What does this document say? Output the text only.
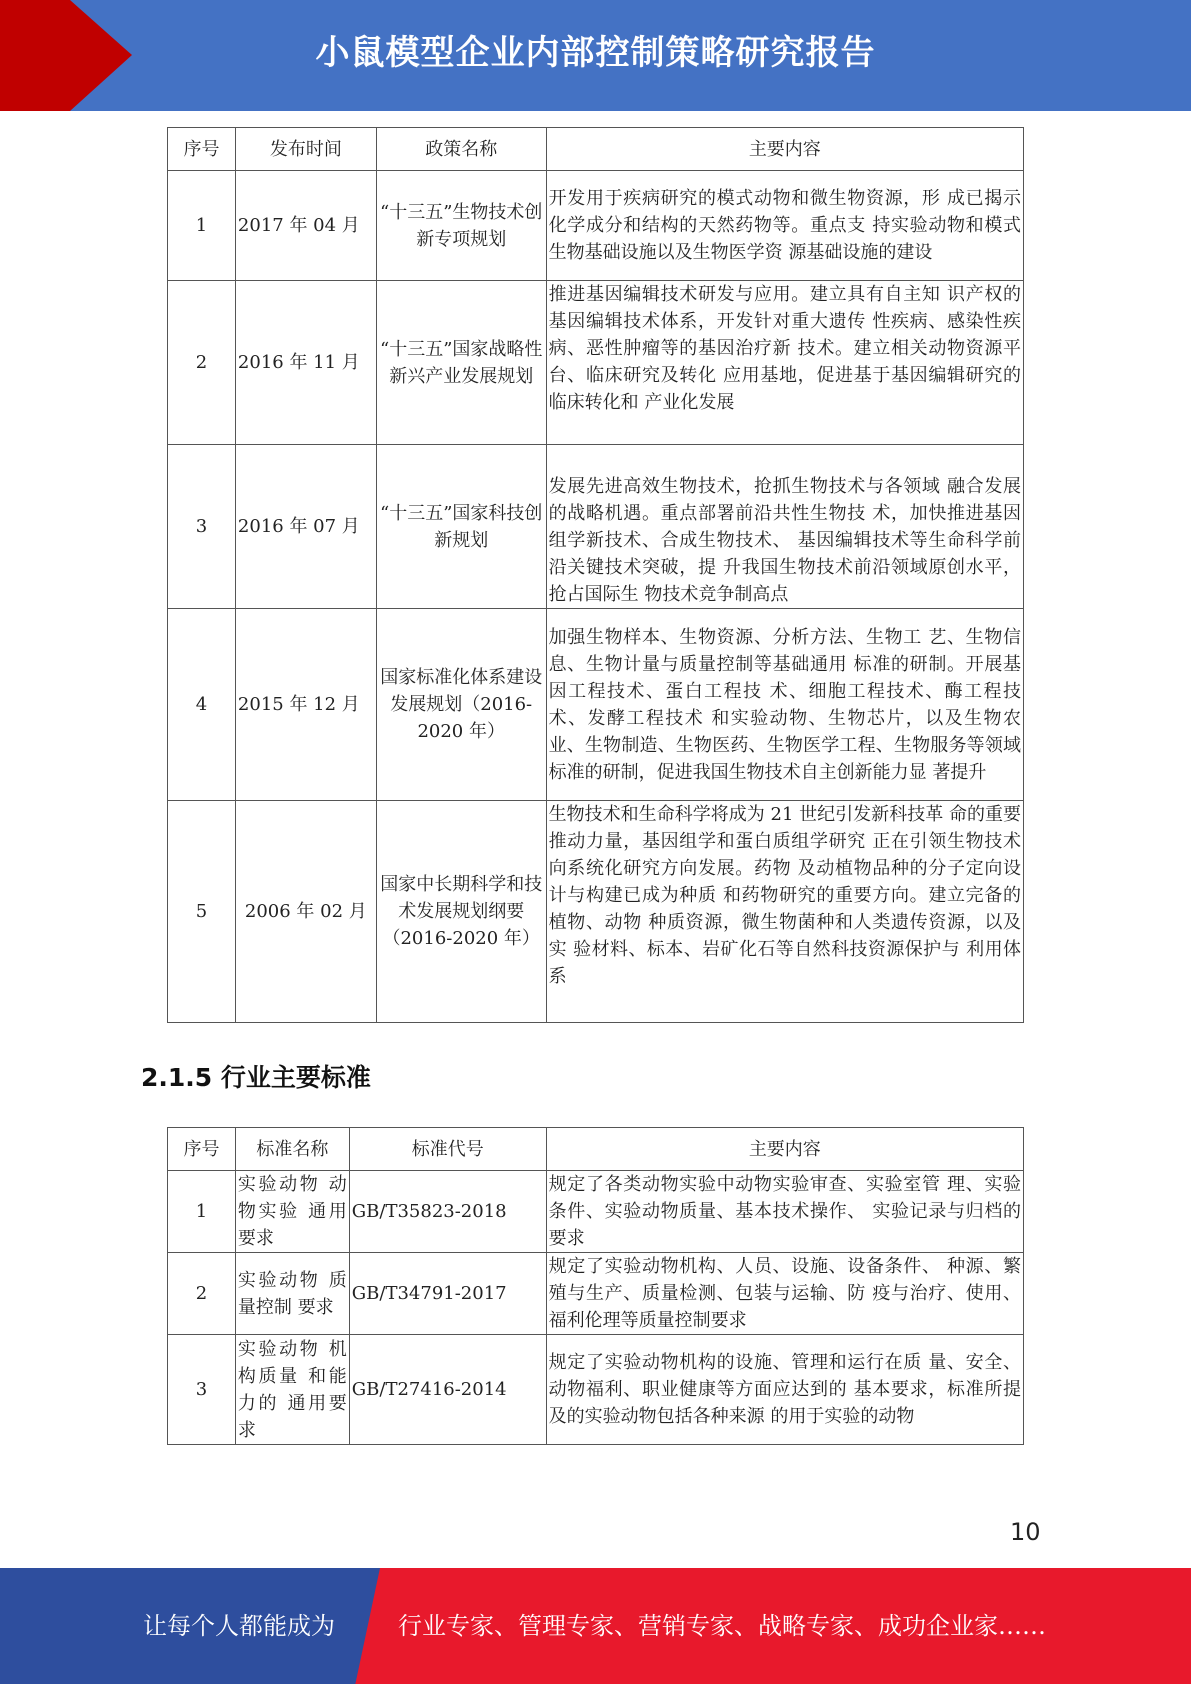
小鼠模型企业内部控制策略研究报告
序号	发布时间	政策名称	主要内容
1	2017 年 04 月	“十三五”生物技术创新专项规划	开发用于疾病研究的模式动物和微生物资源，形 成已揭示化学成分和结构的天然药物等。重点支 持实验动物和模式生物基础设施以及生物医学资 源基础设施的建设
2	2016 年 11 月	“十三五”国家战略性新兴产业发展规划	推进基因编辑技术研发与应用。建立具有自主知 识产权的基因编辑技术体系，开发针对重大遗传 性疾病、感染性疾病、恶性肿瘤等的基因治疗新 技术。建立相关动物资源平台、临床研究及转化 应用基地，促进基于基因编辑研究的临床转化和 产业化发展
3	2016 年 07 月	“十三五”国家科技创新规划	发展先进高效生物技术，抢抓生物技术与各领域 融合发展的战略机遇。重点部署前沿共性生物技 术，加快推进基因组学新技术、合成生物技术、 基因编辑技术等生命科学前沿关键技术突破，提 升我国生物技术前沿领域原创水平，抢占国际生 物技术竞争制高点
4	2015 年 12 月	国家标准化体系建设发展规划（2016-2020 年）	加强生物样本、生物资源、分析方法、生物工 艺、生物信息、生物计量与质量控制等基础通用 标准的研制。开展基因工程技术、蛋白工程技 术、细胞工程技术、酶工程技术、发酵工程技术 和实验动物、生物芯片，以及生物农业、生物制造、生物医药、生物医学工程、生物服务等领域 标准的研制，促进我国生物技术自主创新能力显 著提升
5	2006 年 02 月	国家中长期科学和技术发展规划纲要 （2016-2020 年）	生物技术和生命科学将成为 21 世纪引发新科技革 命的重要推动力量，基因组学和蛋白质组学研究 正在引领生物技术向系统化研究方向发展。药物 及动植物品种的分子定向设计与构建已成为种质 和药物研究的重要方向。建立完备的植物、动物 种质资源，微生物菌种和人类遗传资源，以及实 验材料、标本、岩矿化石等自然科技资源保护与 利用体系
2.1.5 行业主要标准
序号	标准名称	标准代号	主要内容
1	实验动物 动物实验 通用要求	GB/T35823-2018	规定了各类动物实验中动物实验审查、实验室管 理、实验条件、实验动物质量、基本技术操作、 实验记录与归档的要求
2	实验动物 质量控制 要求	GB/T34791-2017	规定了实验动物机构、人员、设施、设备条件、 种源、繁殖与生产、质量检测、包装与运输、防 疫与治疗、使用、福利伦理等质量控制要求
3	实验动物 机构质量 和能力的 通用要求	GB/T27416-2014	规定了实验动物机构的设施、管理和运行在质 量、安全、动物福利、职业健康等方面应达到的 基本要求，标准所提及的实验动物包括各种来源 的用于实验的动物
10
让每个人都能成为	行业专家、管理专家、营销专家、战略专家、成功企业家……
